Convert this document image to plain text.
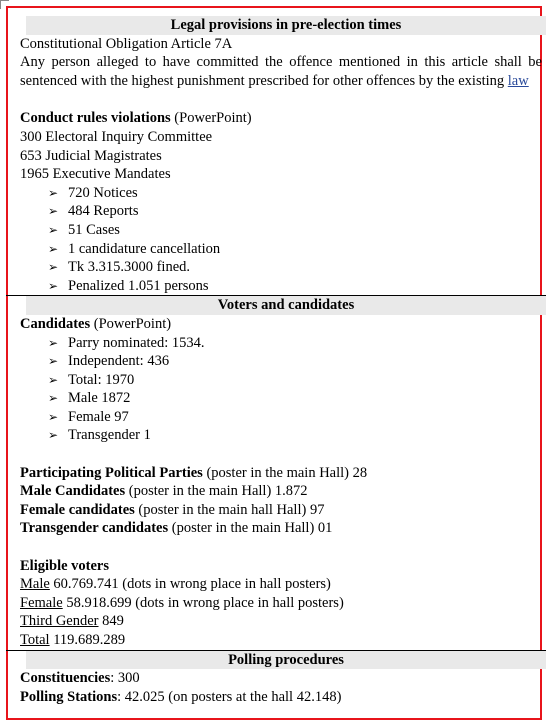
Legal provisions in pre-election times
Constitutional Obligation Article 7A
Any person alleged to have committed the offence mentioned in this article shall be sentenced with the highest punishment prescribed for other offences by the existing law
Conduct rules violations (PowerPoint)
300 Electoral Inquiry Committee
653 Judicial Magistrates
1965 Executive Mandates
➢ 720 Notices
➢ 484 Reports
➢ 51 Cases
➢ 1 candidature cancellation
➢ Tk 3.315.3000 fined.
➢ Penalized 1.051 persons
Voters and candidates
Candidates (PowerPoint)
➢ Parry nominated: 1534.
➢ Independent: 436
➢ Total: 1970
➢ Male 1872
➢ Female 97
➢ Transgender 1
Participating Political Parties (poster in the main Hall) 28
Male Candidates (poster in the main Hall) 1.872
Female candidates (poster in the main hall Hall) 97
Transgender candidates (poster in the main Hall) 01
Eligible voters
Male 60.769.741 (dots in wrong place in hall posters)
Female 58.918.699 (dots in wrong place in hall posters)
Third Gender 849
Total 119.689.289
Polling procedures
Constituencies: 300
Polling Stations: 42.025 (on posters at the hall 42.148)
